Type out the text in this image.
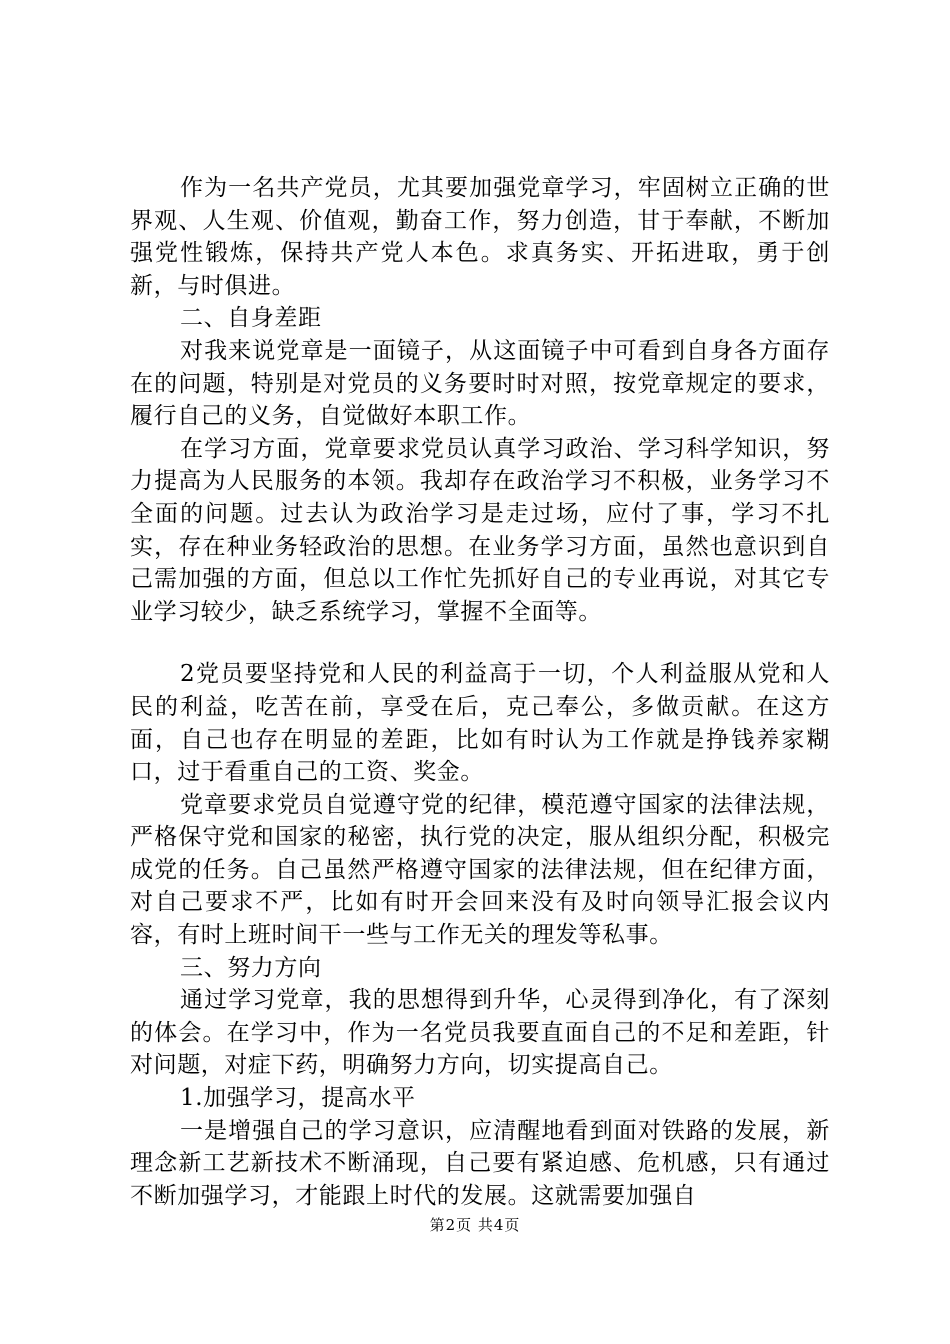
作为一名共产党员，尤其要加强党章学习，牢固树立正确的世界观、人生观、价值观，勤奋工作，努力创造，甘于奉献，不断加强党性锻炼，保持共产党人本色。求真务实、开拓进取，勇于创新，与时俱进。

二、自身差距

对我来说党章是一面镜子，从这面镜子中可看到自身各方面存在的问题，特别是对党员的义务要时时对照，按党章规定的要求，履行自己的义务，自觉做好本职工作。

在学习方面，党章要求党员认真学习政治、学习科学知识，努力提高为人民服务的本领。我却存在政治学习不积极，业务学习不全面的问题。过去认为政治学习是走过场，应付了事，学习不扎实，存在种业务轻政治的思想。在业务学习方面，虽然也意识到自己需加强的方面，但总以工作忙先抓好自己的专业再说，对其它专业学习较少，缺乏系统学习，掌握不全面等。

2党员要坚持党和人民的利益高于一切，个人利益服从党和人民的利益，吃苦在前，享受在后，克己奉公，多做贡献。在这方面，自己也存在明显的差距，比如有时认为工作就是挣钱养家糊口，过于看重自己的工资、奖金。

党章要求党员自觉遵守党的纪律，模范遵守国家的法律法规，严格保守党和国家的秘密，执行党的决定，服从组织分配，积极完成党的任务。自己虽然严格遵守国家的法律法规，但在纪律方面，对自己要求不严，比如有时开会回来没有及时向领导汇报会议内容，有时上班时间干一些与工作无关的理发等私事。

三、努力方向

通过学习党章，我的思想得到升华，心灵得到净化，有了深刻的体会。在学习中，作为一名党员我要直面自己的不足和差距，针对问题，对症下药，明确努力方向，切实提高自己。

1.加强学习，提高水平

一是增强自己的学习意识，应清醒地看到面对铁路的发展，新理念新工艺新技术不断涌现，自己要有紧迫感、危机感，只有通过不断加强学习，才能跟上时代的发展。这就需要加强自

第2页 共4页
